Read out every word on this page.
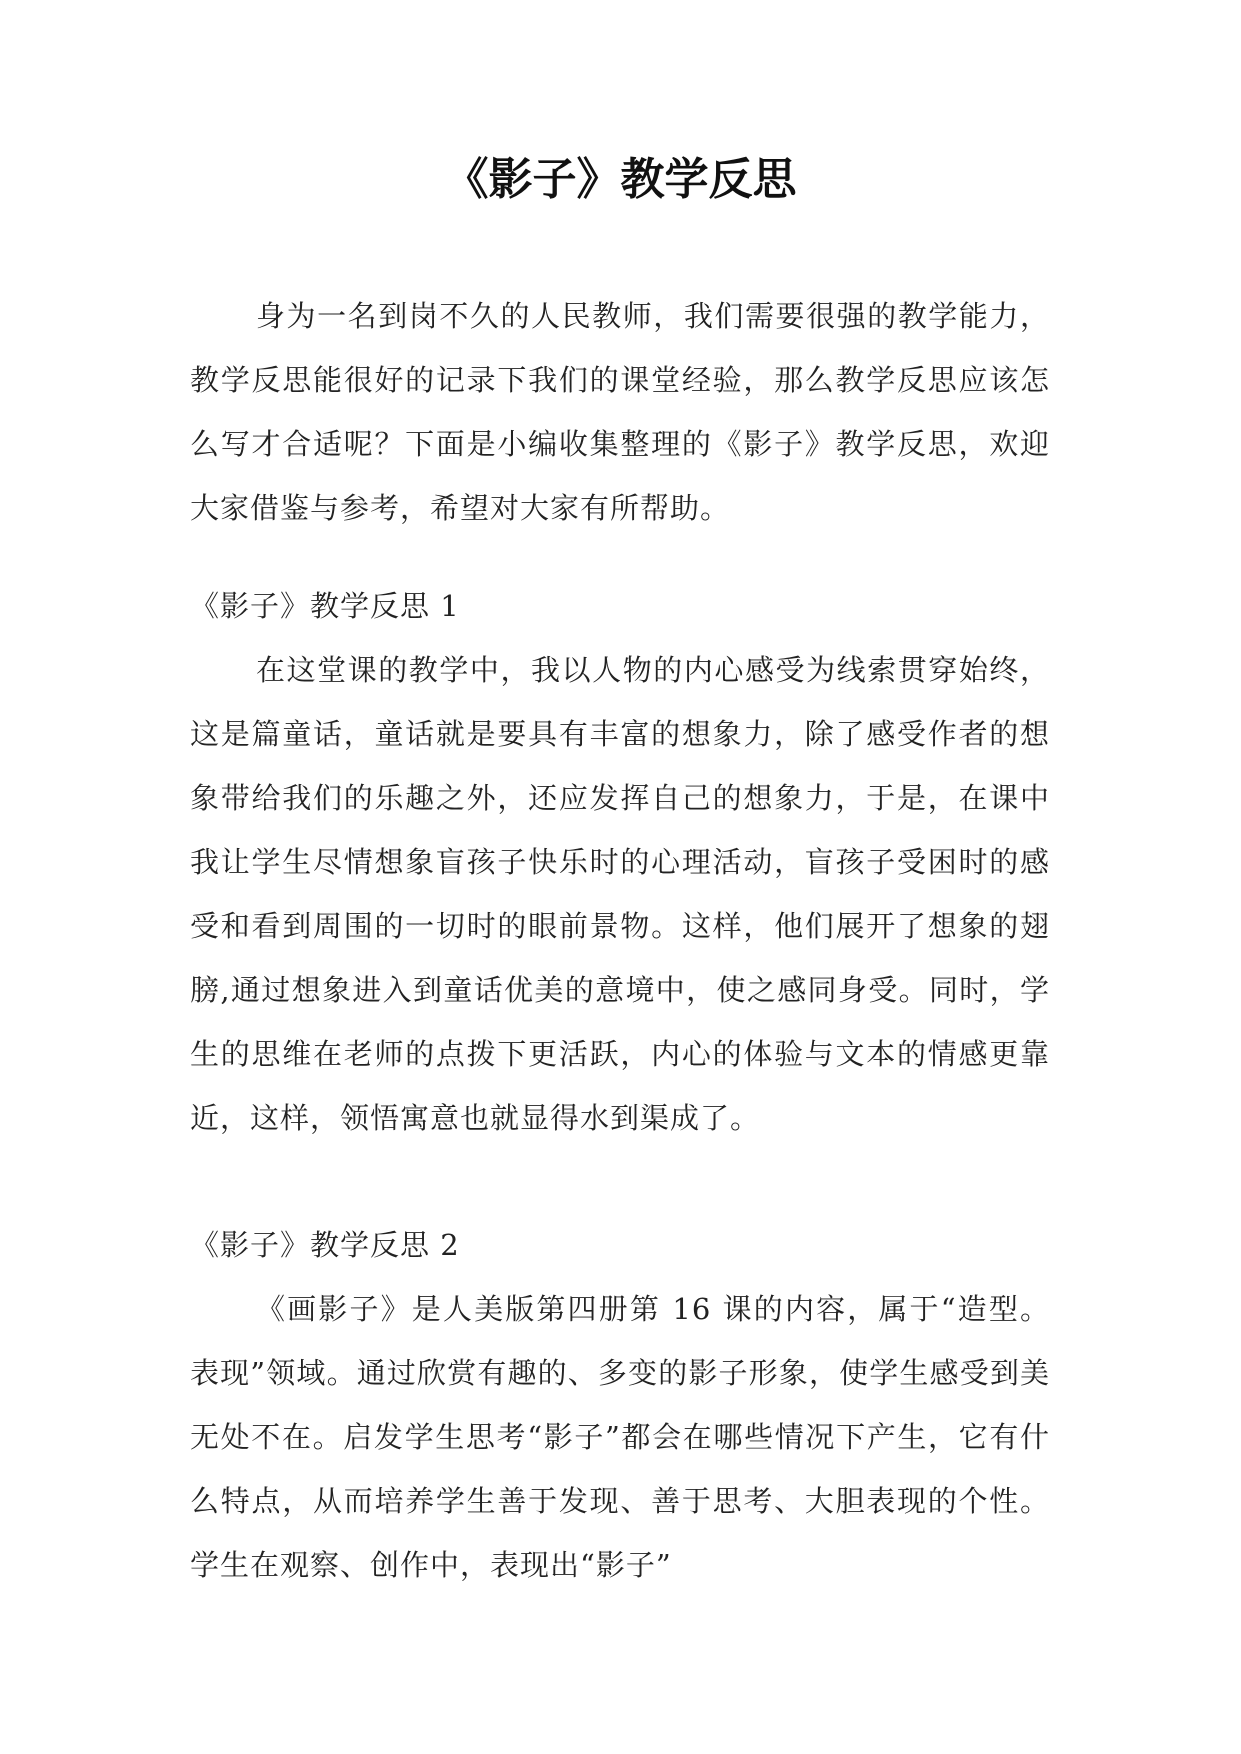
《影子》教学反思

身为一名到岗不久的人民教师，我们需要很强的教学能力，教学反思能很好的记录下我们的课堂经验，那么教学反思应该怎么写才合适呢？下面是小编收集整理的《影子》教学反思，欢迎大家借鉴与参考，希望对大家有所帮助。

《影子》教学反思 1

在这堂课的教学中，我以人物的内心感受为线索贯穿始终，这是篇童话，童话就是要具有丰富的想象力，除了感受作者的想象带给我们的乐趣之外，还应发挥自己的想象力，于是，在课中我让学生尽情想象盲孩子快乐时的心理活动，盲孩子受困时的感受和看到周围的一切时的眼前景物。这样，他们展开了想象的翅膀,通过想象进入到童话优美的意境中，使之感同身受。同时，学生的思维在老师的点拨下更活跃，内心的体验与文本的情感更靠近，这样，领悟寓意也就显得水到渠成了。

《影子》教学反思 2

《画影子》是人美版第四册第 16 课的内容，属于“造型。表现”领域。通过欣赏有趣的、多变的影子形象，使学生感受到美无处不在。启发学生思考“影子”都会在哪些情况下产生，它有什么特点，从而培养学生善于发现、善于思考、大胆表现的个性。学生在观察、创作中，表现出“影子”
